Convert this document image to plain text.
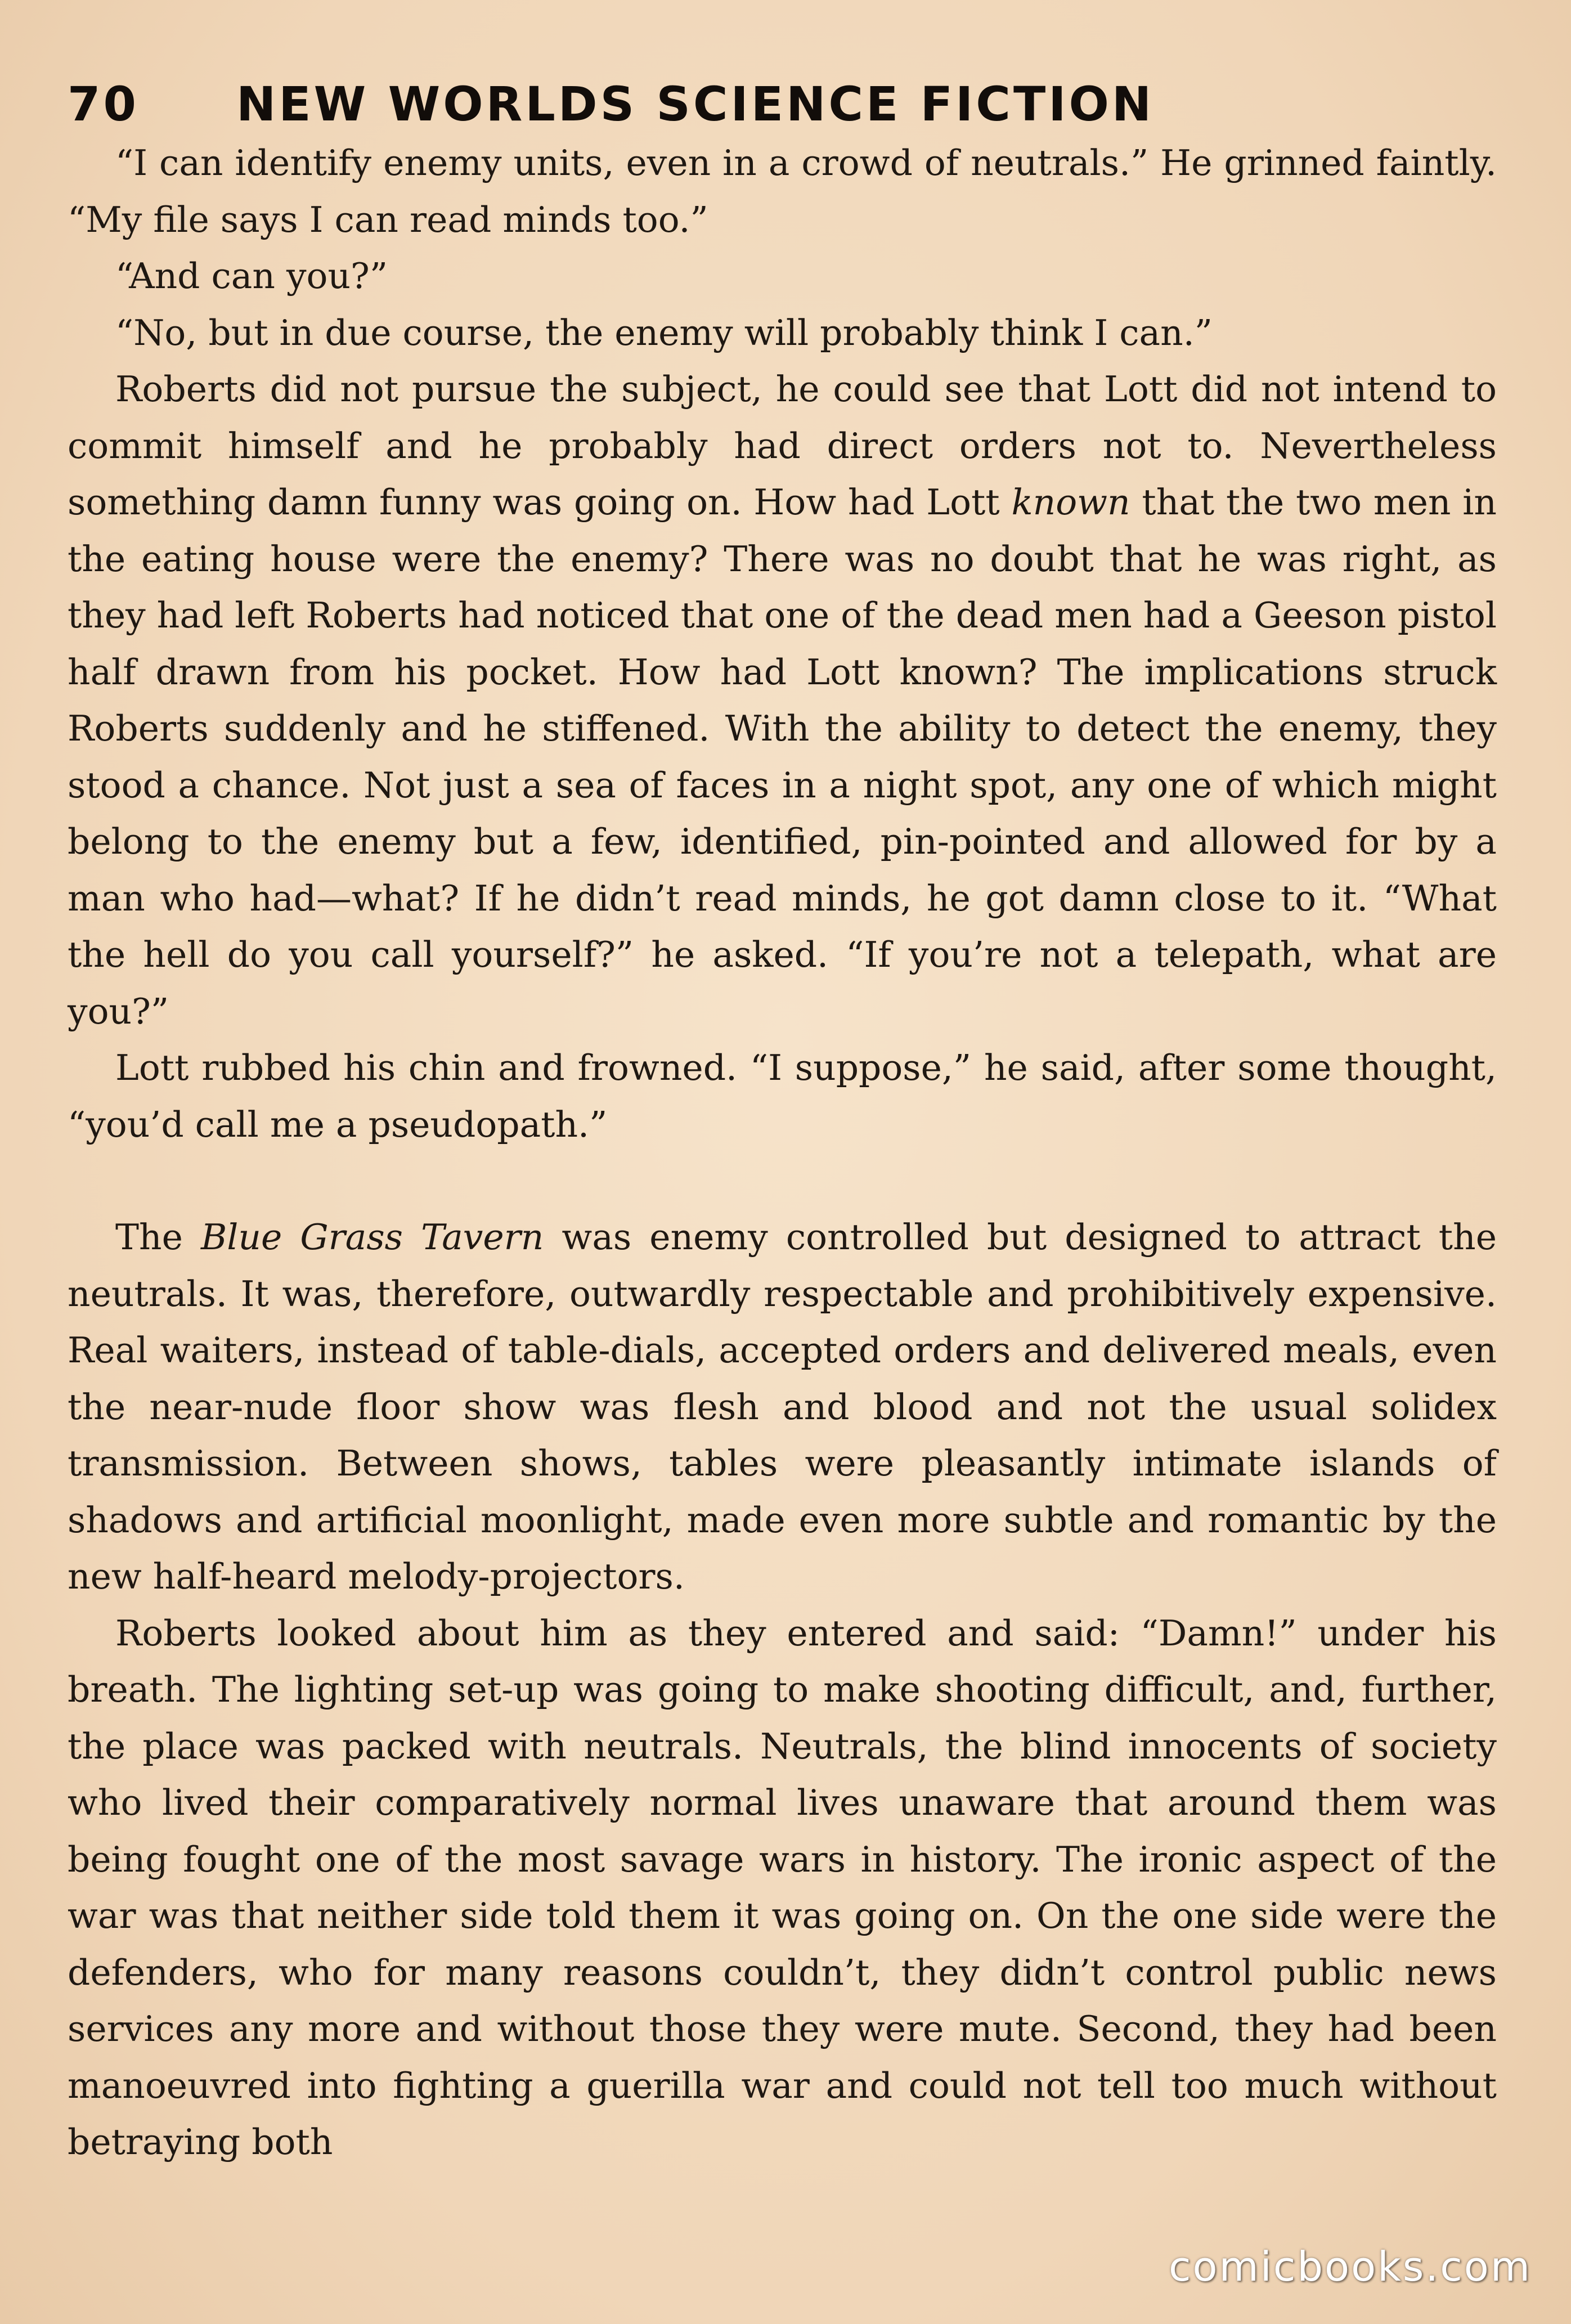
70	NEW WORLDS SCIENCE FICTION

“I can identify enemy units, even in a crowd of neutrals.” He grinned faintly. “My file says I can read minds too.”

“And can you?”

“No, but in due course, the enemy will probably think I can.”

Roberts did not pursue the subject, he could see that Lott did not intend to commit himself and he probably had direct orders not to. Nevertheless something damn funny was going on. How had Lott known that the two men in the eating house were the enemy? There was no doubt that he was right, as they had left Roberts had noticed that one of the dead men had a Geeson pistol half drawn from his pocket. How had Lott known? The implications struck Roberts suddenly and he stiffened. With the ability to detect the enemy, they stood a chance. Not just a sea of faces in a night spot, any one of which might belong to the enemy but a few, identified, pin-pointed and allowed for by a man who had—what? If he didn’t read minds, he got damn close to it. “What the hell do you call yourself?” he asked. “If you’re not a telepath, what are you?”

Lott rubbed his chin and frowned. “I suppose,” he said, after some thought, “you’d call me a pseudopath.”

The Blue Grass Tavern was enemy controlled but designed to attract the neutrals. It was, therefore, outwardly respectable and prohibitively expensive. Real waiters, instead of table-dials, accepted orders and delivered meals, even the near-nude floor show was flesh and blood and not the usual solidex transmission. Between shows, tables were pleasantly intimate islands of shadows and artificial moonlight, made even more subtle and romantic by the new half-heard melody-projectors.

Roberts looked about him as they entered and said: “Damn!” under his breath. The lighting set-up was going to make shooting difficult, and, further, the place was packed with neutrals. Neutrals, the blind innocents of society who lived their comparatively normal lives unaware that around them was being fought one of the most savage wars in history. The ironic aspect of the war was that neither side told them it was going on. On the one side were the defenders, who for many reasons couldn’t, they didn’t control public news services any more and without those they were mute. Second, they had been manoeuvred into fighting a guerilla war and could not tell too much without betraying both

comicbooks.com
